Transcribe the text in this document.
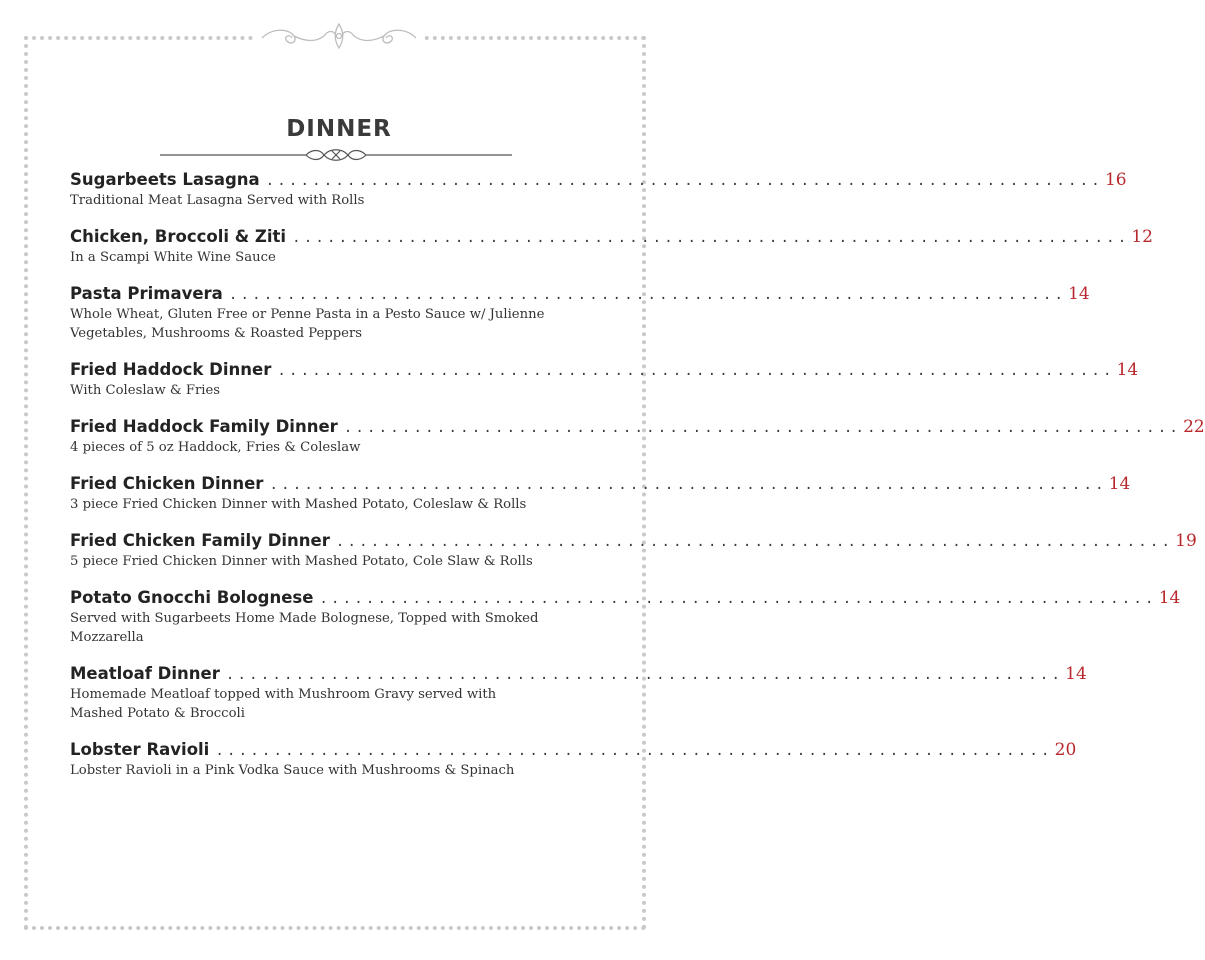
DINNER
Sugarbeets Lasagna ........................................................................ 16
Traditional Meat Lasagna Served with Rolls
Chicken, Broccoli & Ziti ........................................................................ 12
In a Scampi White Wine Sauce
Pasta Primavera ........................................................................ 14
Whole Wheat, Gluten Free or Penne Pasta in a Pesto Sauce w/ Julienne Vegetables, Mushrooms & Roasted Peppers
Fried Haddock Dinner ........................................................................ 14
With Coleslaw & Fries
Fried Haddock Family Dinner ........................................................................ 22
4 pieces of 5 oz Haddock, Fries & Coleslaw
Fried Chicken Dinner ........................................................................ 14
3 piece Fried Chicken Dinner with Mashed Potato, Coleslaw & Rolls
Fried Chicken Family Dinner ........................................................................ 19
5 piece Fried Chicken Dinner with Mashed Potato, Cole Slaw & Rolls
Potato Gnocchi Bolognese ........................................................................ 14
Served with Sugarbeets Home Made Bolognese, Topped with Smoked Mozzarella
Meatloaf Dinner ........................................................................ 14
Homemade Meatloaf topped with Mushroom Gravy served with Mashed Potato & Broccoli
Lobster Ravioli ........................................................................ 20
Lobster Ravioli in a Pink Vodka Sauce with Mushrooms & Spinach
